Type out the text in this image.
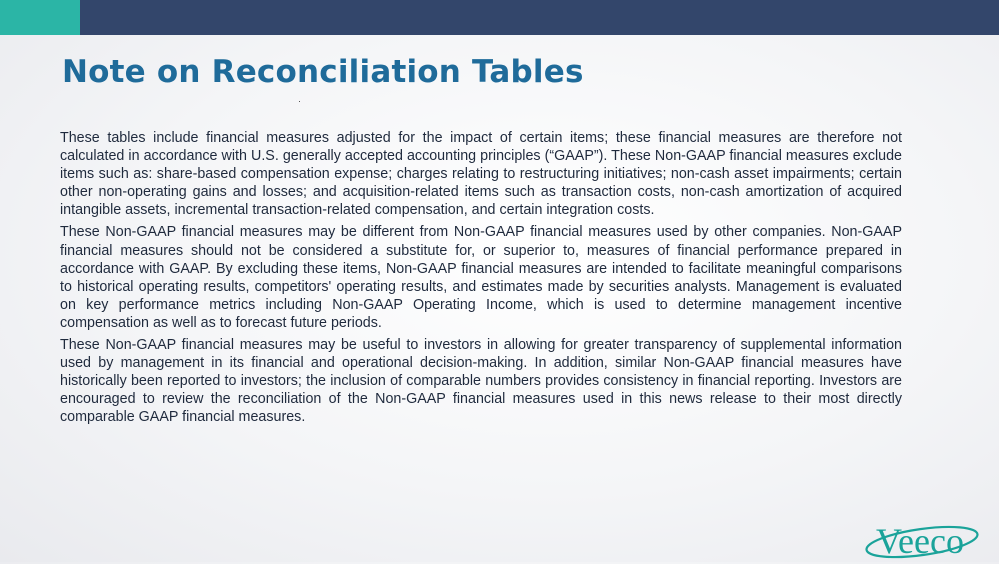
Note on Reconciliation Tables

These tables include financial measures adjusted for the impact of certain items; these financial measures are therefore not calculated in accordance with U.S. generally accepted accounting principles (“GAAP”). These Non-GAAP financial measures exclude items such as: share-based compensation expense; charges relating to restructuring initiatives; non-cash asset impairments; certain other non-operating gains and losses; and acquisition-related items such as transaction costs, non-cash amortization of acquired intangible assets, incremental transaction-related compensation, and certain integration costs.

These Non-GAAP financial measures may be different from Non-GAAP financial measures used by other companies. Non-GAAP financial measures should not be considered a substitute for, or superior to, measures of financial performance prepared in accordance with GAAP. By excluding these items, Non-GAAP financial measures are intended to facilitate meaningful comparisons to historical operating results, competitors' operating results, and estimates made by securities analysts. Management is evaluated on key performance metrics including Non-GAAP Operating Income, which is used to determine management incentive compensation as well as to forecast future periods.

These Non-GAAP financial measures may be useful to investors in allowing for greater transparency of supplemental information used by management in its financial and operational decision-making. In addition, similar Non-GAAP financial measures have historically been reported to investors; the inclusion of comparable numbers provides consistency in financial reporting. Investors are encouraged to review the reconciliation of the Non-GAAP financial measures used in this news release to their most directly comparable GAAP financial measures.

Veeco
